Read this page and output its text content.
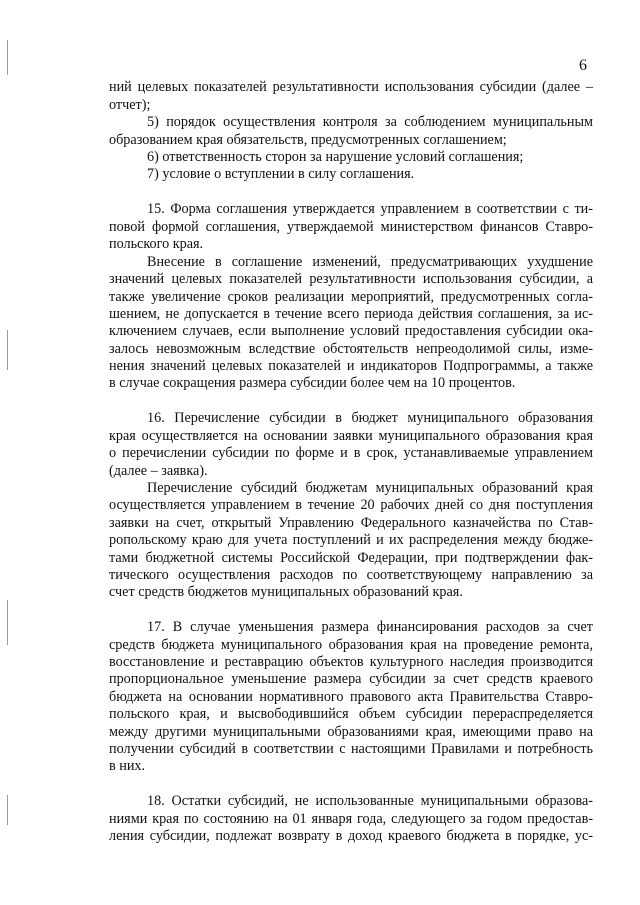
6
ний целевых показателей результативности использования субсидии (далее –
отчет);
5) порядок осуществления контроля за соблюдением муниципальным
образованием края обязательств, предусмотренных соглашением;
6) ответственность сторон за нарушение условий соглашения;
7) условие о вступлении в силу соглашения.
15. Форма соглашения утверждается управлением в соответствии с ти-
повой формой соглашения, утверждаемой министерством финансов Ставро-
польского края.
Внесение в соглашение изменений, предусматривающих ухудшение
значений целевых показателей результативности использования субсидии, а
также увеличение сроков реализации мероприятий, предусмотренных согла-
шением, не допускается в течение всего периода действия соглашения, за ис-
ключением случаев, если выполнение условий предоставления субсидии ока-
залось невозможным вследствие обстоятельств непреодолимой силы, изме-
нения значений целевых показателей и индикаторов Подпрограммы, а также
в случае сокращения размера субсидии более чем на 10 процентов.
16. Перечисление субсидии в бюджет муниципального образования
края осуществляется на основании заявки муниципального образования края
о перечислении субсидии по форме и в срок, устанавливаемые управлением
(далее – заявка).
Перечисление субсидий бюджетам муниципальных образований края
осуществляется управлением в течение 20 рабочих дней со дня поступления
заявки на счет, открытый Управлению Федерального казначейства по Став-
ропольскому краю для учета поступлений и их распределения между бюдже-
тами бюджетной системы Российской Федерации, при подтверждении фак-
тического осуществления расходов по соответствующему направлению за
счет средств бюджетов муниципальных образований края.
17. В случае уменьшения размера финансирования расходов за счет
средств бюджета муниципального образования края на проведение ремонта,
восстановление и реставрацию объектов культурного наследия производится
пропорциональное уменьшение размера субсидии за счет средств краевого
бюджета на основании нормативного правового акта Правительства Ставро-
польского края, и высвободившийся объем субсидии перераспределяется
между другими муниципальными образованиями края, имеющими право на
получении субсидий в соответствии с настоящими Правилами и потребность
в них.
18. Остатки субсидий, не использованные муниципальными образова-
ниями края по состоянию на 01 января года, следующего за годом предостав-
ления субсидии, подлежат возврату в доход краевого бюджета в порядке, ус-
